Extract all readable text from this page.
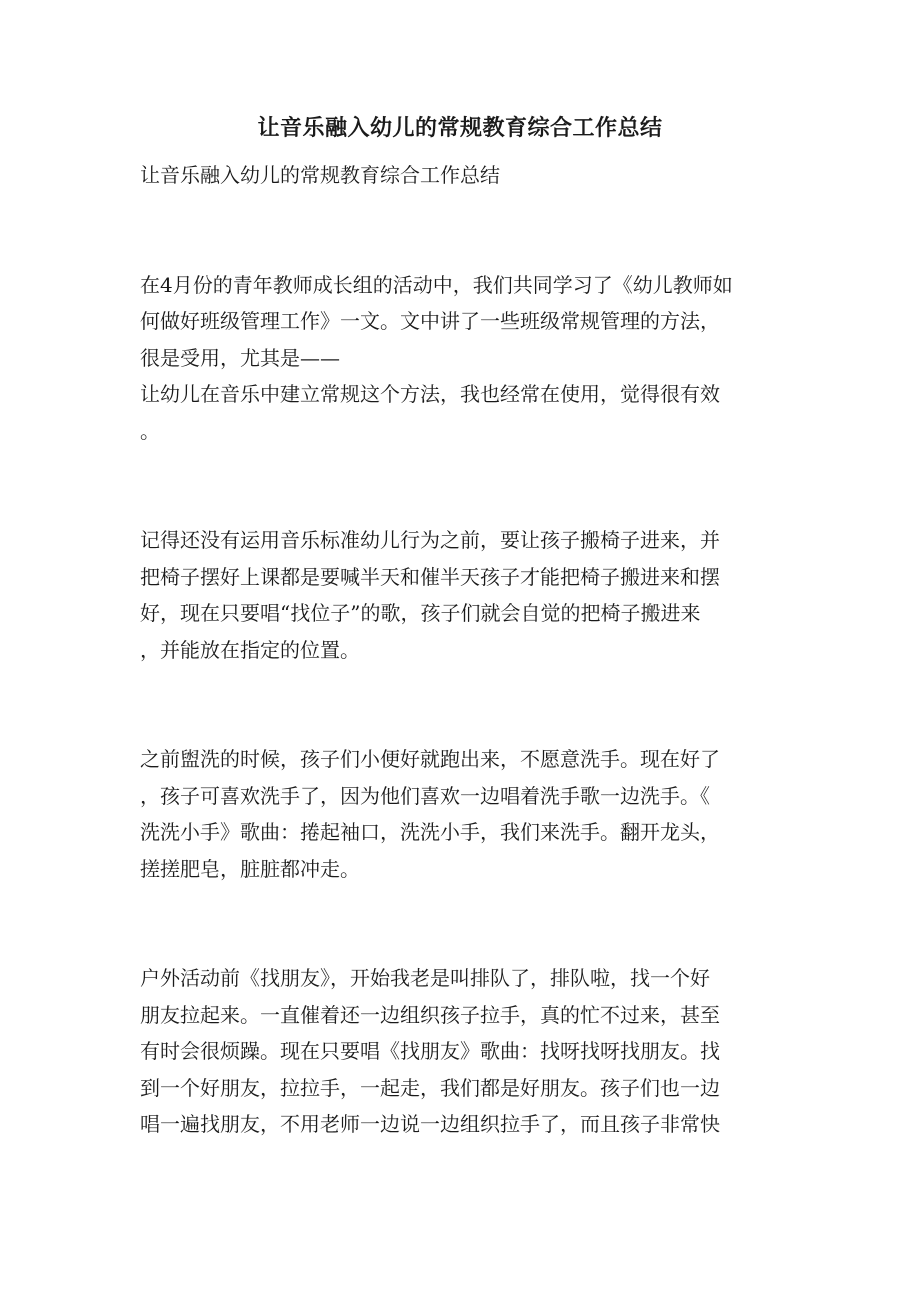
让音乐融入幼儿的常规教育综合工作总结
让音乐融入幼儿的常规教育综合工作总结
在4月份的青年教师成长组的活动中，我们共同学习了《幼儿教师如
何做好班级管理工作》一文。文中讲了一些班级常规管理的方法，
很是受用，尤其是——
让幼儿在音乐中建立常规这个方法，我也经常在使用，觉得很有效
。
记得还没有运用音乐标准幼儿行为之前，要让孩子搬椅子进来，并
把椅子摆好上课都是要喊半天和催半天孩子才能把椅子搬进来和摆
好，现在只要唱“找位子”的歌，孩子们就会自觉的把椅子搬进来
，并能放在指定的位置。
之前盥洗的时候，孩子们小便好就跑出来，不愿意洗手。现在好了
，孩子可喜欢洗手了，因为他们喜欢一边唱着洗手歌一边洗手。《
洗洗小手》歌曲：捲起袖口，洗洗小手，我们来洗手。翻开龙头，
搓搓肥皂，脏脏都冲走。
户外活动前《找朋友》，开始我老是叫排队了，排队啦，找一个好
朋友拉起来。一直催着还一边组织孩子拉手，真的忙不过来，甚至
有时会很烦躁。现在只要唱《找朋友》歌曲：找呀找呀找朋友。找
到一个好朋友，拉拉手，一起走，我们都是好朋友。孩子们也一边
唱一遍找朋友，不用老师一边说一边组织拉手了，而且孩子非常快
